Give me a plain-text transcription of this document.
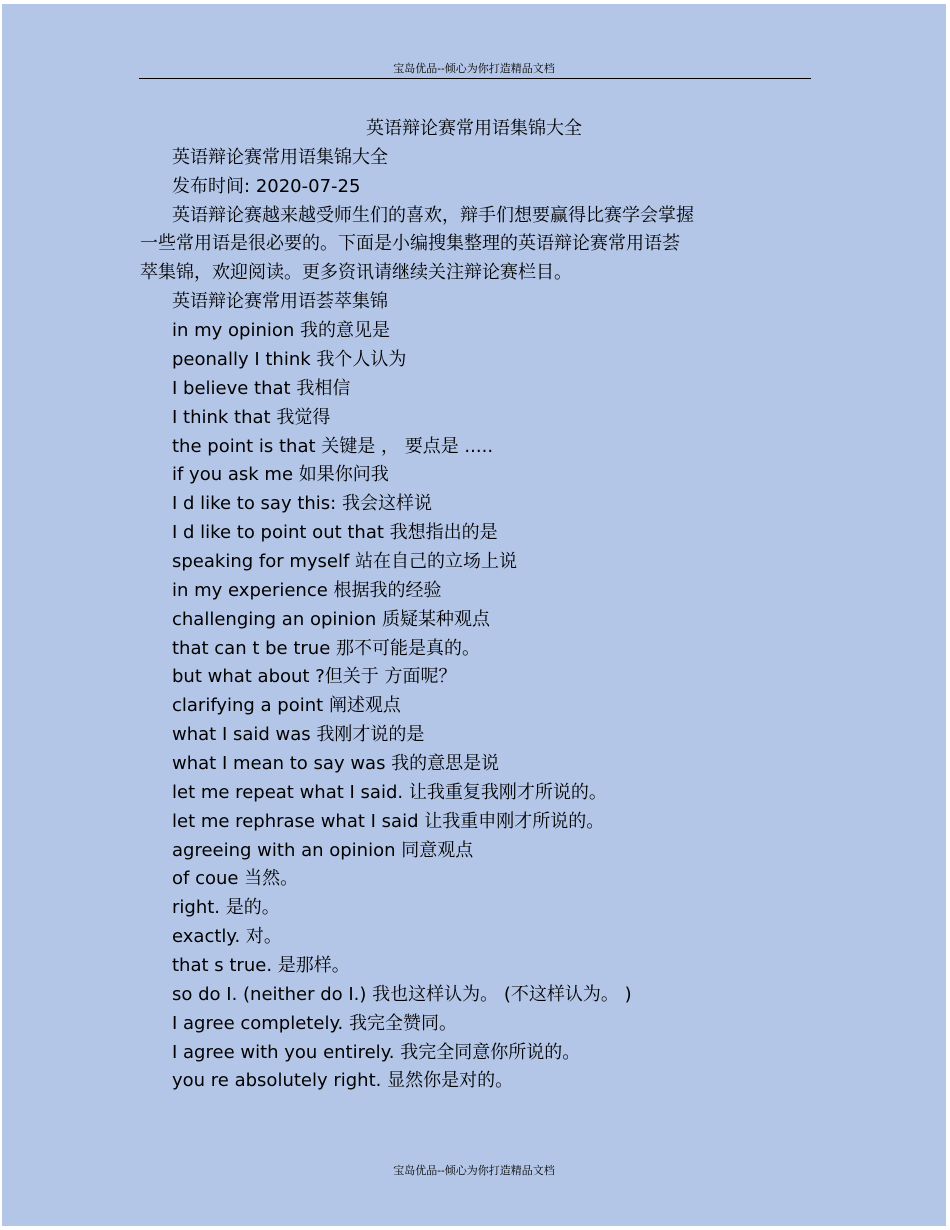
宝岛优品--倾心为你打造精品文档
英语辩论赛常用语集锦大全
英语辩论赛常用语集锦大全
发布时间: 2020-07-25
英语辩论赛越来越受师生们的喜欢，辩手们想要赢得比赛学会掌握
一些常用语是很必要的。下面是小编搜集整理的英语辩论赛常用语荟
萃集锦，欢迎阅读。更多资讯请继续关注辩论赛栏目。
英语辩论赛常用语荟萃集锦
in my opinion 我的意见是
peonally I think 我个人认为
I believe that 我相信
I think that 我觉得
the point is that 关键是 ， 要点是 .....
if you ask me 如果你问我
I d like to say this: 我会这样说
I d like to point out that 我想指出的是
speaking for myself 站在自己的立场上说
in my experience 根据我的经验
challenging an opinion 质疑某种观点
that can t be true 那不可能是真的。
but what about ?但关于 方面呢？
clarifying a point 阐述观点
what I said was 我刚才说的是
what I mean to say was 我的意思是说
let me repeat what I said. 让我重复我刚才所说的。
let me rephrase what I said 让我重申刚才所说的。
agreeing with an opinion 同意观点
of coue 当然。
right. 是的。
exactly. 对。
that s true. 是那样。
so do I. (neither do I.) 我也这样认为。 (不这样认为。 )
I agree completely. 我完全赞同。
I agree with you entirely. 我完全同意你所说的。
you re absolutely right. 显然你是对的。
宝岛优品--倾心为你打造精品文档
